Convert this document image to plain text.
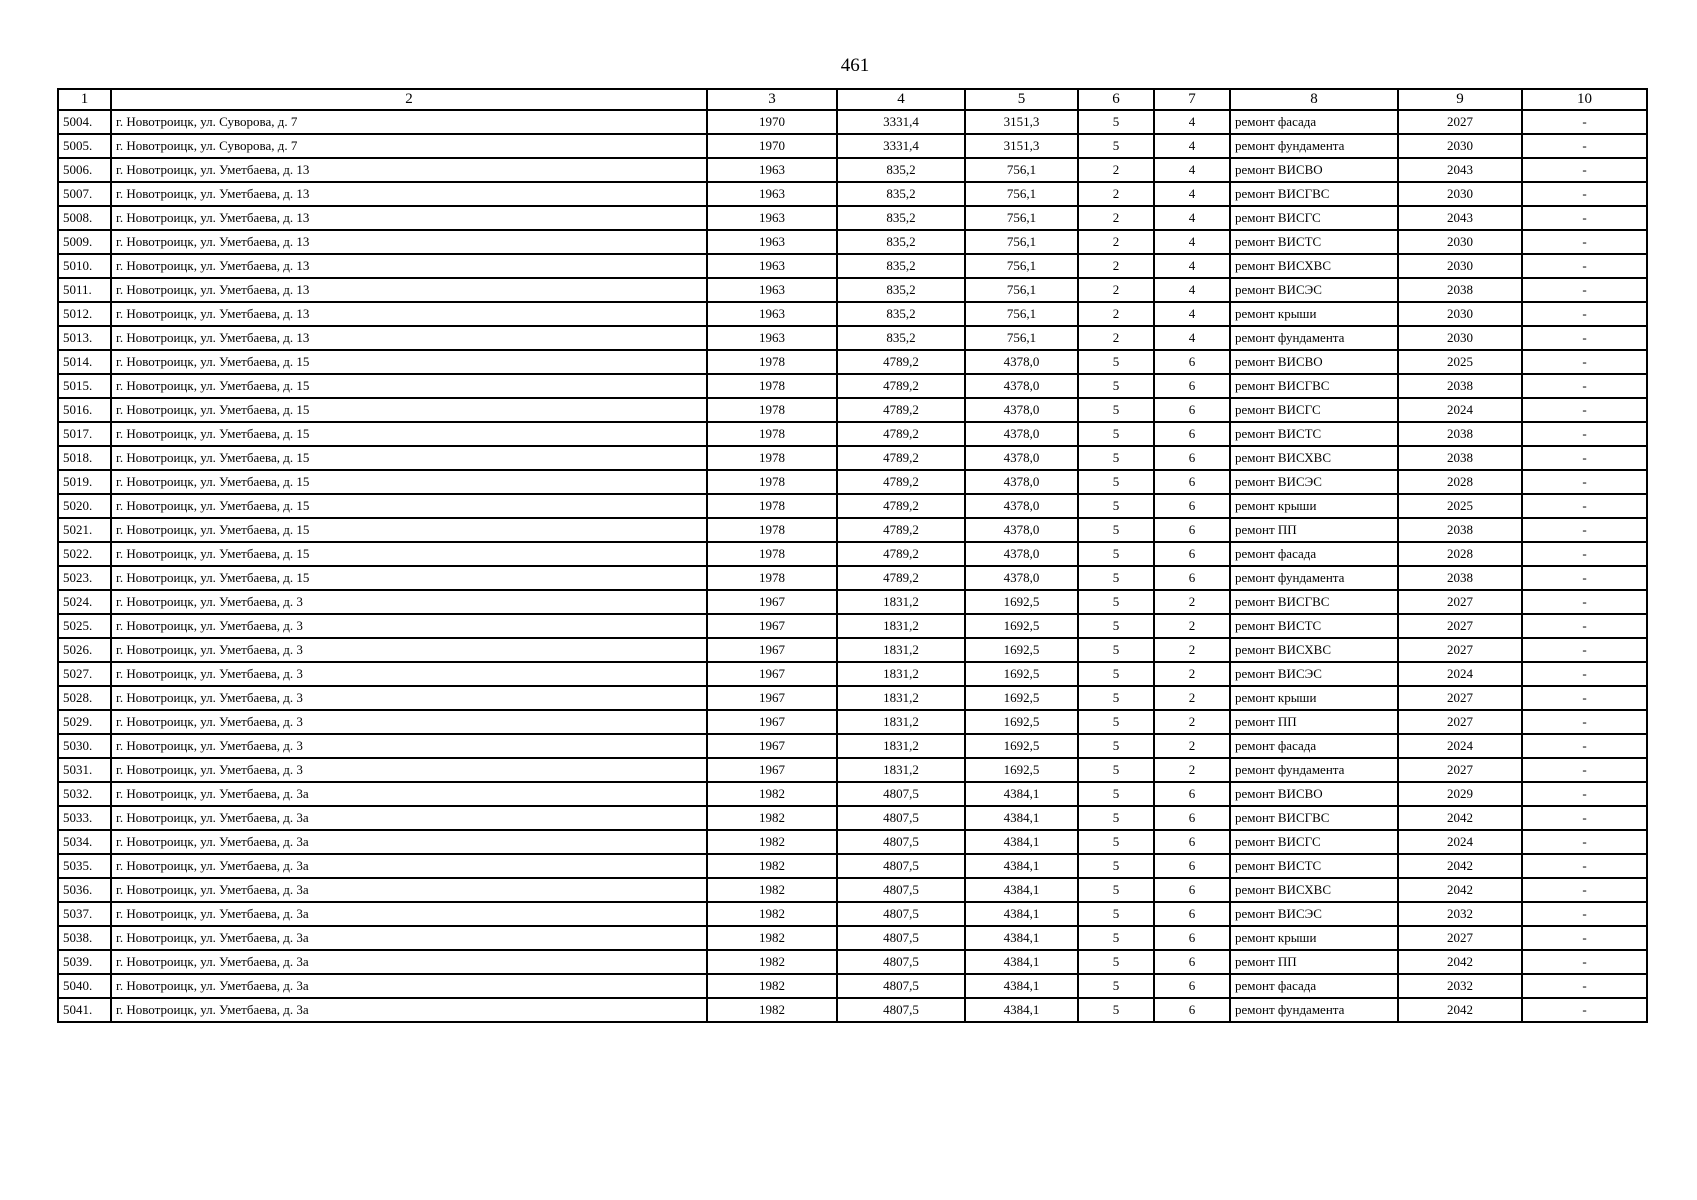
461
1	2	3	4	5	6	7	8	9	10
5004.	г. Новотроицк, ул. Суворова, д. 7	1970	3331,4	3151,3	5	4	ремонт фасада	2027	-
5005.	г. Новотроицк, ул. Суворова, д. 7	1970	3331,4	3151,3	5	4	ремонт фундамента	2030	-
5006.	г. Новотроицк, ул. Уметбаева, д. 13	1963	835,2	756,1	2	4	ремонт ВИСВО	2043	-
5007.	г. Новотроицк, ул. Уметбаева, д. 13	1963	835,2	756,1	2	4	ремонт ВИСГВС	2030	-
5008.	г. Новотроицк, ул. Уметбаева, д. 13	1963	835,2	756,1	2	4	ремонт ВИСГС	2043	-
5009.	г. Новотроицк, ул. Уметбаева, д. 13	1963	835,2	756,1	2	4	ремонт ВИСТС	2030	-
5010.	г. Новотроицк, ул. Уметбаева, д. 13	1963	835,2	756,1	2	4	ремонт ВИСХВС	2030	-
5011.	г. Новотроицк, ул. Уметбаева, д. 13	1963	835,2	756,1	2	4	ремонт ВИСЭС	2038	-
5012.	г. Новотроицк, ул. Уметбаева, д. 13	1963	835,2	756,1	2	4	ремонт крыши	2030	-
5013.	г. Новотроицк, ул. Уметбаева, д. 13	1963	835,2	756,1	2	4	ремонт фундамента	2030	-
5014.	г. Новотроицк, ул. Уметбаева, д. 15	1978	4789,2	4378,0	5	6	ремонт ВИСВО	2025	-
5015.	г. Новотроицк, ул. Уметбаева, д. 15	1978	4789,2	4378,0	5	6	ремонт ВИСГВС	2038	-
5016.	г. Новотроицк, ул. Уметбаева, д. 15	1978	4789,2	4378,0	5	6	ремонт ВИСГС	2024	-
5017.	г. Новотроицк, ул. Уметбаева, д. 15	1978	4789,2	4378,0	5	6	ремонт ВИСТС	2038	-
5018.	г. Новотроицк, ул. Уметбаева, д. 15	1978	4789,2	4378,0	5	6	ремонт ВИСХВС	2038	-
5019.	г. Новотроицк, ул. Уметбаева, д. 15	1978	4789,2	4378,0	5	6	ремонт ВИСЭС	2028	-
5020.	г. Новотроицк, ул. Уметбаева, д. 15	1978	4789,2	4378,0	5	6	ремонт крыши	2025	-
5021.	г. Новотроицк, ул. Уметбаева, д. 15	1978	4789,2	4378,0	5	6	ремонт ПП	2038	-
5022.	г. Новотроицк, ул. Уметбаева, д. 15	1978	4789,2	4378,0	5	6	ремонт фасада	2028	-
5023.	г. Новотроицк, ул. Уметбаева, д. 15	1978	4789,2	4378,0	5	6	ремонт фундамента	2038	-
5024.	г. Новотроицк, ул. Уметбаева, д. 3	1967	1831,2	1692,5	5	2	ремонт ВИСГВС	2027	-
5025.	г. Новотроицк, ул. Уметбаева, д. 3	1967	1831,2	1692,5	5	2	ремонт ВИСТС	2027	-
5026.	г. Новотроицк, ул. Уметбаева, д. 3	1967	1831,2	1692,5	5	2	ремонт ВИСХВС	2027	-
5027.	г. Новотроицк, ул. Уметбаева, д. 3	1967	1831,2	1692,5	5	2	ремонт ВИСЭС	2024	-
5028.	г. Новотроицк, ул. Уметбаева, д. 3	1967	1831,2	1692,5	5	2	ремонт крыши	2027	-
5029.	г. Новотроицк, ул. Уметбаева, д. 3	1967	1831,2	1692,5	5	2	ремонт ПП	2027	-
5030.	г. Новотроицк, ул. Уметбаева, д. 3	1967	1831,2	1692,5	5	2	ремонт фасада	2024	-
5031.	г. Новотроицк, ул. Уметбаева, д. 3	1967	1831,2	1692,5	5	2	ремонт фундамента	2027	-
5032.	г. Новотроицк, ул. Уметбаева, д. 3а	1982	4807,5	4384,1	5	6	ремонт ВИСВО	2029	-
5033.	г. Новотроицк, ул. Уметбаева, д. 3а	1982	4807,5	4384,1	5	6	ремонт ВИСГВС	2042	-
5034.	г. Новотроицк, ул. Уметбаева, д. 3а	1982	4807,5	4384,1	5	6	ремонт ВИСГС	2024	-
5035.	г. Новотроицк, ул. Уметбаева, д. 3а	1982	4807,5	4384,1	5	6	ремонт ВИСТС	2042	-
5036.	г. Новотроицк, ул. Уметбаева, д. 3а	1982	4807,5	4384,1	5	6	ремонт ВИСХВС	2042	-
5037.	г. Новотроицк, ул. Уметбаева, д. 3а	1982	4807,5	4384,1	5	6	ремонт ВИСЭС	2032	-
5038.	г. Новотроицк, ул. Уметбаева, д. 3а	1982	4807,5	4384,1	5	6	ремонт крыши	2027	-
5039.	г. Новотроицк, ул. Уметбаева, д. 3а	1982	4807,5	4384,1	5	6	ремонт ПП	2042	-
5040.	г. Новотроицк, ул. Уметбаева, д. 3а	1982	4807,5	4384,1	5	6	ремонт фасада	2032	-
5041.	г. Новотроицк, ул. Уметбаева, д. 3а	1982	4807,5	4384,1	5	6	ремонт фундамента	2042	-
